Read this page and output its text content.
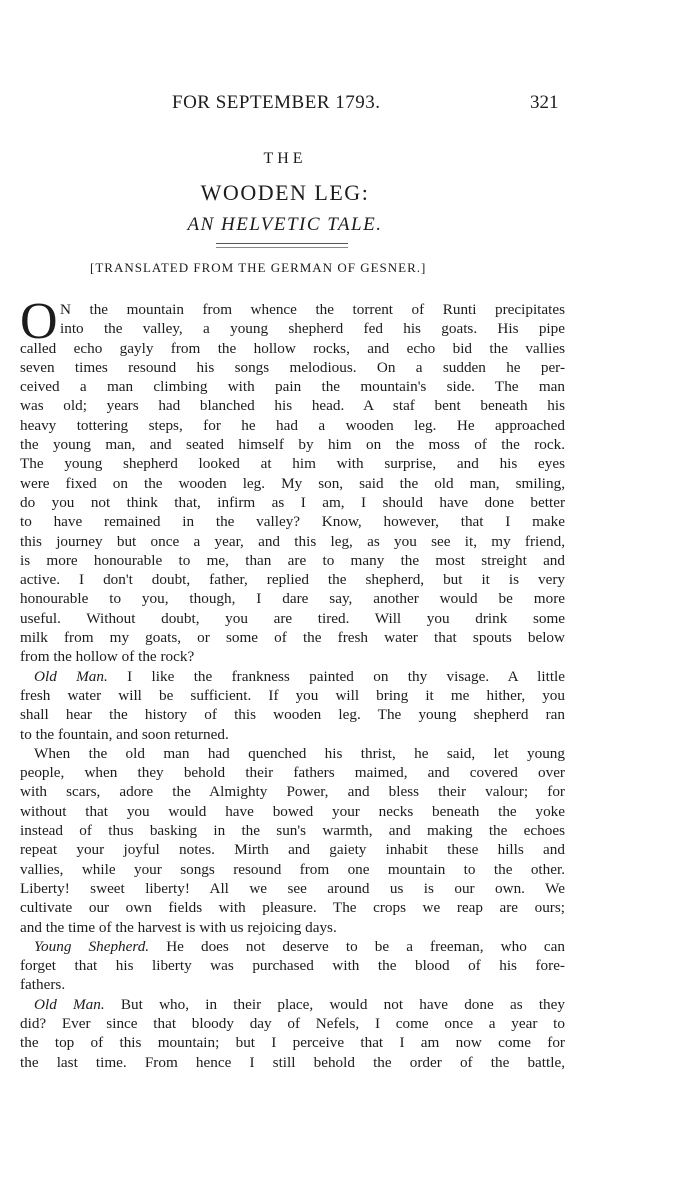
FOR SEPTEMBER 1793.	321
THE
WOODEN LEG:
AN HELVETIC TALE.
[TRANSLATED FROM THE GERMAN OF GESNER.]
O N the mountain from whence the torrent of Runti precipitates
into the valley, a young shepherd fed his goats. His pipe
called echo gayly from the hollow rocks, and echo bid the vallies
seven times resound his songs melodious. On a sudden he per-
ceived a man climbing with pain the mountain's side. The man
was old; years had blanched his head. A staf bent beneath his
heavy tottering steps, for he had a wooden leg. He approached
the young man, and seated himself by him on the moss of the rock.
The young shepherd looked at him with surprise, and his eyes
were fixed on the wooden leg. My son, said the old man, smiling,
do you not think that, infirm as I am, I should have done better
to have remained in the valley? Know, however, that I make
this journey but once a year, and this leg, as you see it, my friend,
is more honourable to me, than are to many the most streight and
active. I don't doubt, father, replied the shepherd, but it is very
honourable to you, though, I dare say, another would be more
useful. Without doubt, you are tired. Will you drink some
milk from my goats, or some of the fresh water that spouts below
from the hollow of the rock?
Old Man. I like the frankness painted on thy visage. A little
fresh water will be sufficient. If you will bring it me hither, you
shall hear the history of this wooden leg. The young shepherd ran
to the fountain, and soon returned.
When the old man had quenched his thrist, he said, let young
people, when they behold their fathers maimed, and covered over
with scars, adore the Almighty Power, and bless their valour; for
without that you would have bowed your necks beneath the yoke
instead of thus basking in the sun's warmth, and making the echoes
repeat your joyful notes. Mirth and gaiety inhabit these hills and
vallies, while your songs resound from one mountain to the other.
Liberty! sweet liberty! All we see around us is our own. We
cultivate our own fields with pleasure. The crops we reap are ours;
and the time of the harvest is with us rejoicing days.
Young Shepherd. He does not deserve to be a freeman, who can
forget that his liberty was purchased with the blood of his fore-
fathers.
Old Man. But who, in their place, would not have done as they
did? Ever since that bloody day of Nefels, I come once a year to
the top of this mountain; but I perceive that I am now come for
the last time. From hence I still behold the order of the battle,
